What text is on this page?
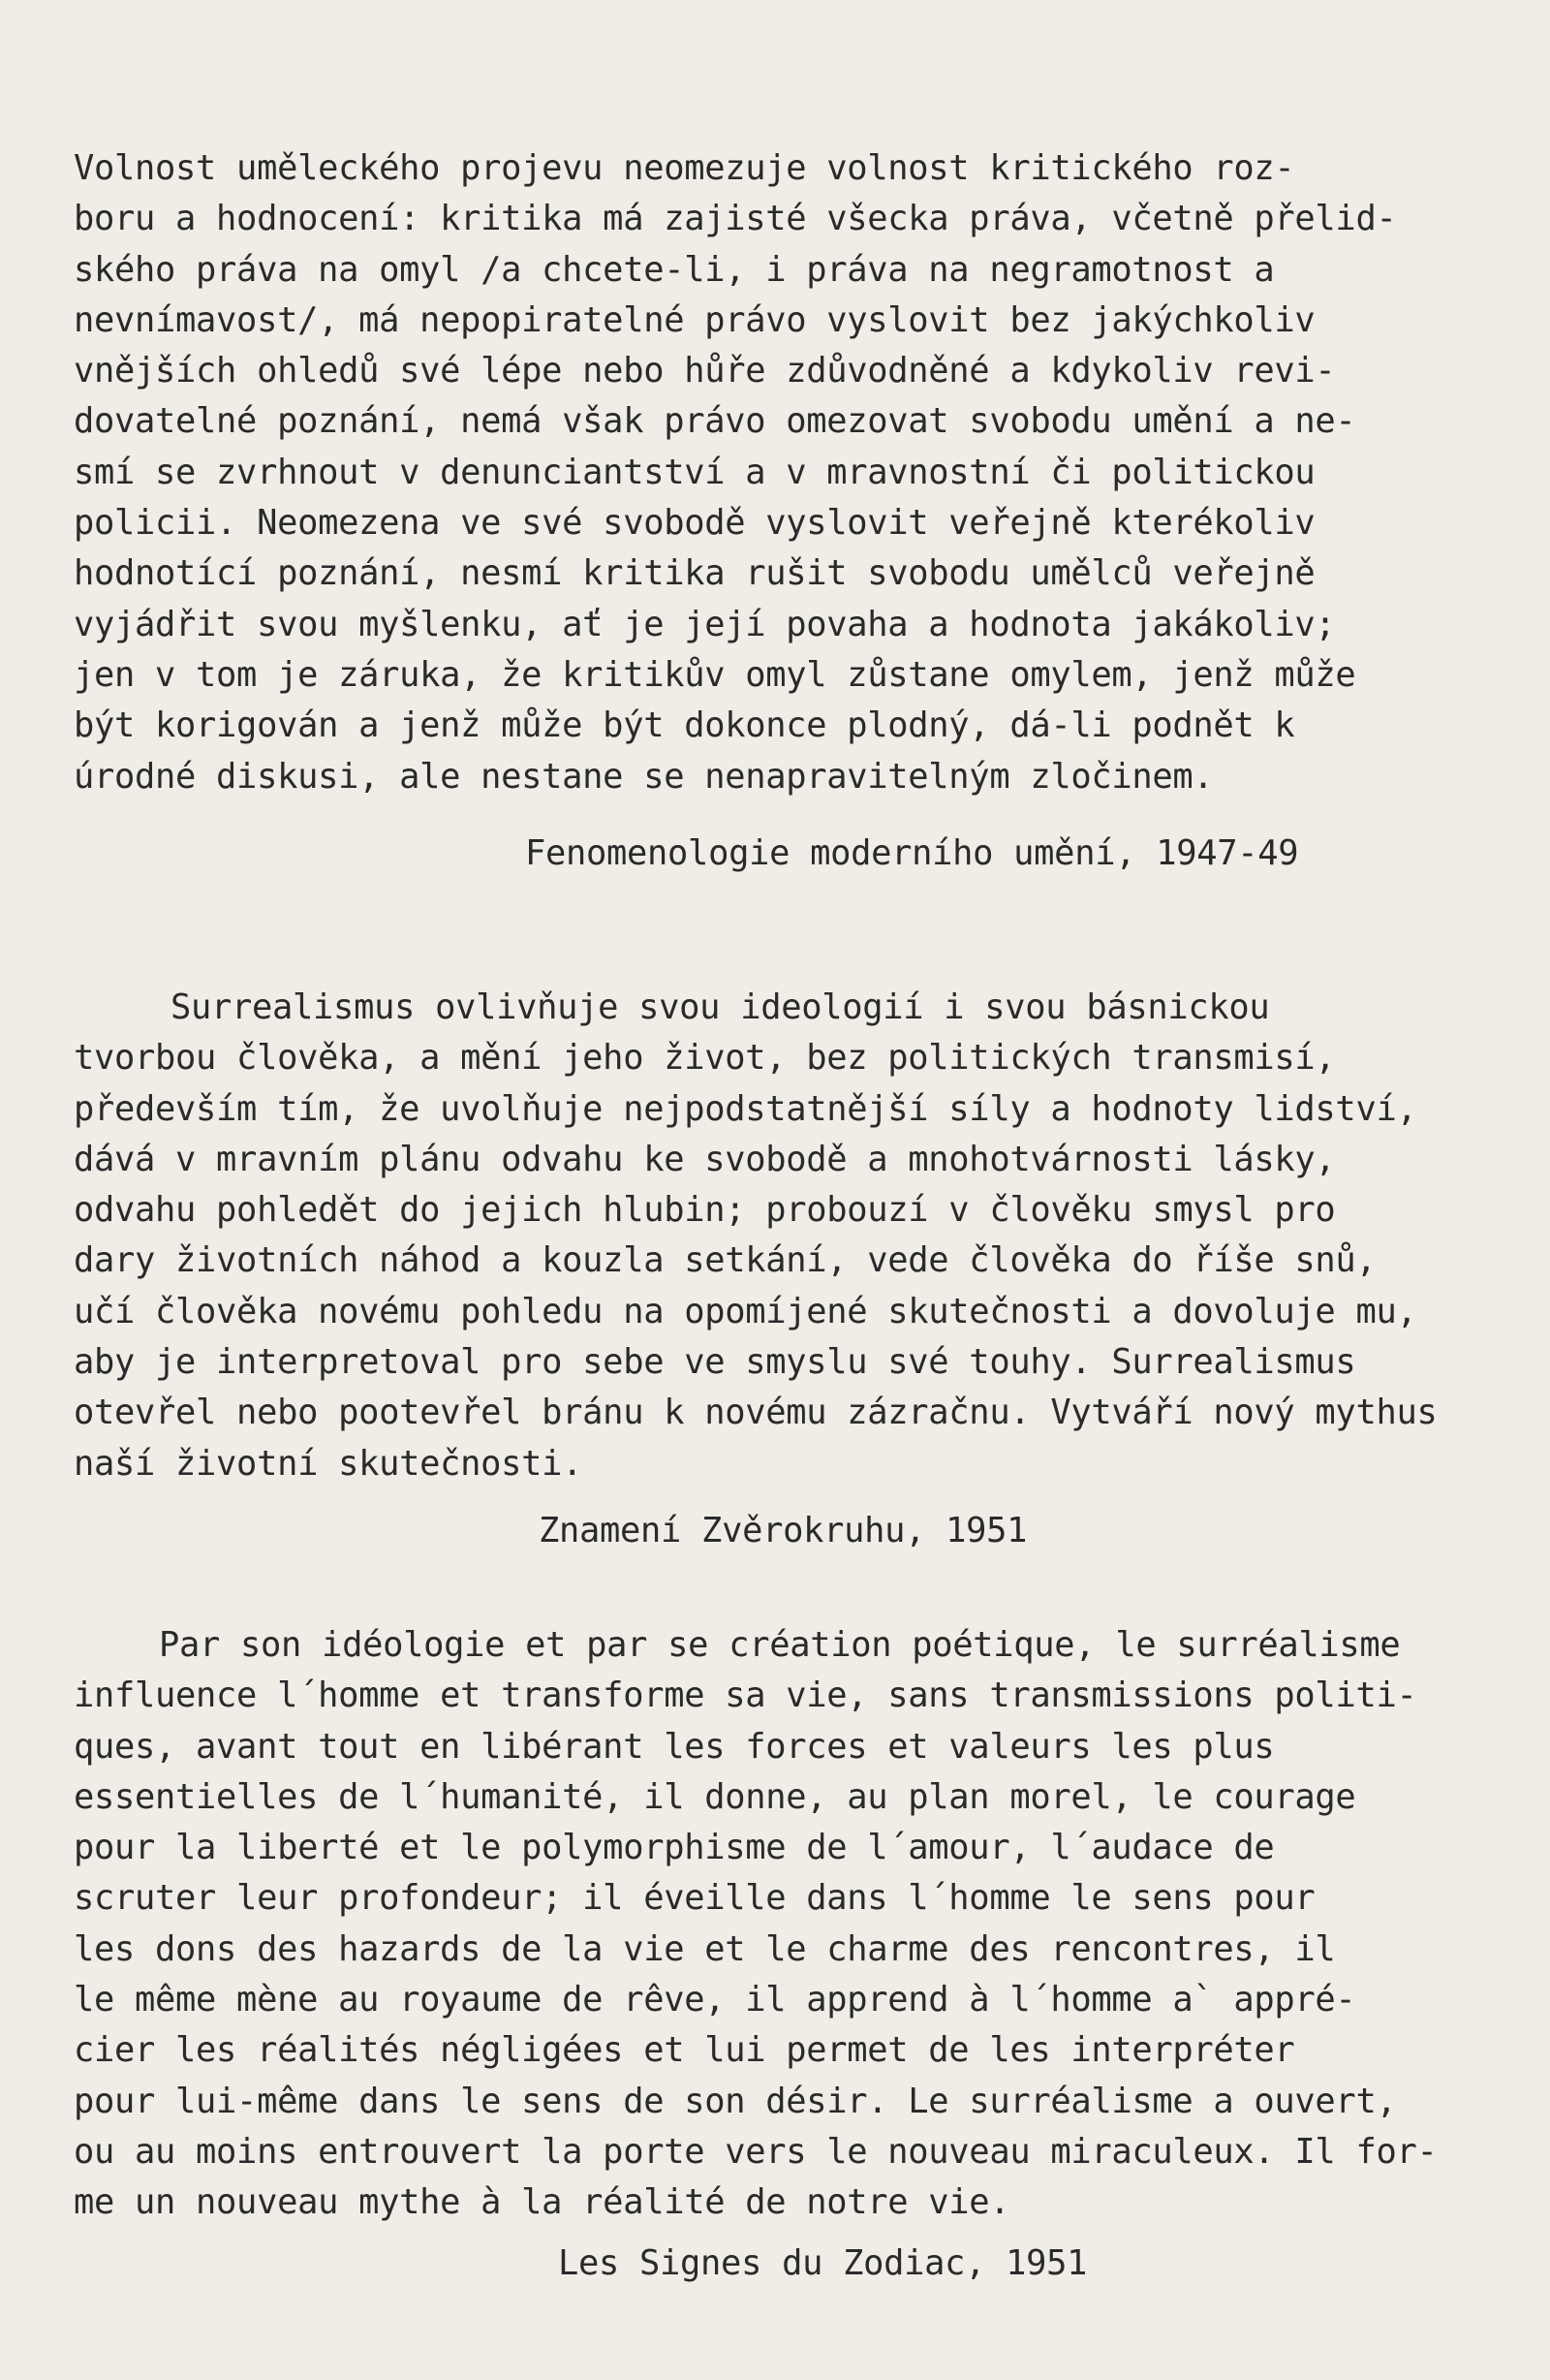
Volnost uměleckého projevu neomezuje volnost kritického roz-

boru a hodnocení: kritika má zajisté všecka práva, včetně přelid-

ského práva na omyl /a chcete-li, i práva na negramotnost a

nevnímavost/, má nepopiratelné právo vyslovit bez jakýchkoliv

vnějších ohledů své lépe nebo hůře zdůvodněné a kdykoliv revi-

dovatelné poznání, nemá však právo omezovat svobodu umění a ne-

smí se zvrhnout v denunciantství a v mravnostní či politickou

policii. Neomezena ve své svobodě vyslovit veřejně kterékoliv

hodnotící poznání, nesmí kritika rušit svobodu umělců veřejně

vyjádřit svou myšlenku, ať je její povaha a hodnota jakákoliv;

jen v tom je záruka, že kritikův omyl zůstane omylem, jenž může

být korigován a jenž může být dokonce plodný, dá-li podnět k

úrodné diskusi, ale nestane se nenapravitelným zločinem.

Fenomenologie moderního umění, 1947-49

Surrealismus ovlivňuje svou ideologií i svou básnickou

tvorbou člověka, a mění jeho život, bez politických transmisí,

především tím, že uvolňuje nejpodstatnější síly a hodnoty lidství,

dává v mravním plánu odvahu ke svobodě a mnohotvárnosti lásky,

odvahu pohledět do jejich hlubin; probouzí v člověku smysl pro

dary životních náhod a kouzla setkání, vede člověka do říše snů,

učí člověka novému pohledu na opomíjené skutečnosti a dovoluje mu,

aby je interpretoval pro sebe ve smyslu své touhy. Surrealismus

otevřel nebo pootevřel bránu k novému zázračnu. Vytváří nový mythus

naší životní skutečnosti.

Znamení Zvěrokruhu, 1951

Par son idéologie et par se création poétique, le surréalisme

influence l´homme et transforme sa vie, sans transmissions politi-

ques, avant tout en libérant les forces et valeurs les plus

essentielles de l´humanité, il donne, au plan morel, le courage

pour la liberté et le polymorphisme de l´amour, l´audace de

scruter leur profondeur; il éveille dans l´homme le sens pour

les dons des hazards de la vie et le charme des rencontres, il

le même mène au royaume de rêve, il apprend à l´homme a` appré-

cier les réalités négligées et lui permet de les interpréter

pour lui-même dans le sens de son désir. Le surréalisme a ouvert,

ou au moins entrouvert la porte vers le nouveau miraculeux. Il for-

me un nouveau mythe à la réalité de notre vie.

Les Signes du Zodiac, 1951
